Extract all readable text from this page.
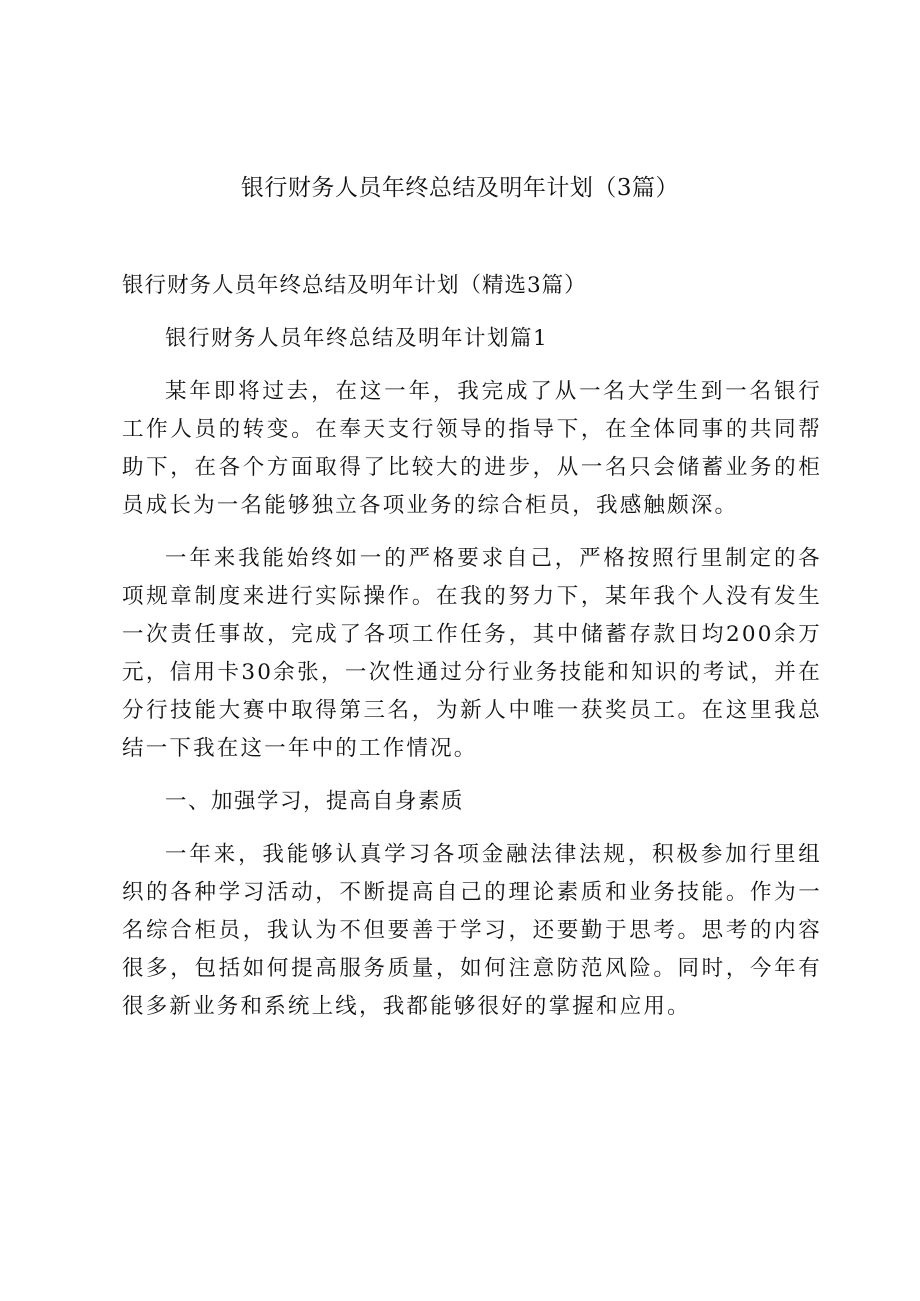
银行财务人员年终总结及明年计划（3篇）

银行财务人员年终总结及明年计划（精选3篇）

银行财务人员年终总结及明年计划篇1

某年即将过去，在这一年，我完成了从一名大学生到一名银行工作人员的转变。在奉天支行领导的指导下，在全体同事的共同帮助下，在各个方面取得了比较大的进步，从一名只会储蓄业务的柜员成长为一名能够独立各项业务的综合柜员，我感触颇深。

一年来我能始终如一的严格要求自己，严格按照行里制定的各项规章制度来进行实际操作。在我的努力下，某年我个人没有发生一次责任事故，完成了各项工作任务，其中储蓄存款日均200余万元，信用卡30余张，一次性通过分行业务技能和知识的考试，并在分行技能大赛中取得第三名，为新人中唯一获奖员工。在这里我总结一下我在这一年中的工作情况。

一、加强学习，提高自身素质

一年来，我能够认真学习各项金融法律法规，积极参加行里组织的各种学习活动，不断提高自己的理论素质和业务技能。作为一名综合柜员，我认为不但要善于学习，还要勤于思考。思考的内容很多，包括如何提高服务质量，如何注意防范风险。同时，今年有很多新业务和系统上线，我都能够很好的掌握和应用。
